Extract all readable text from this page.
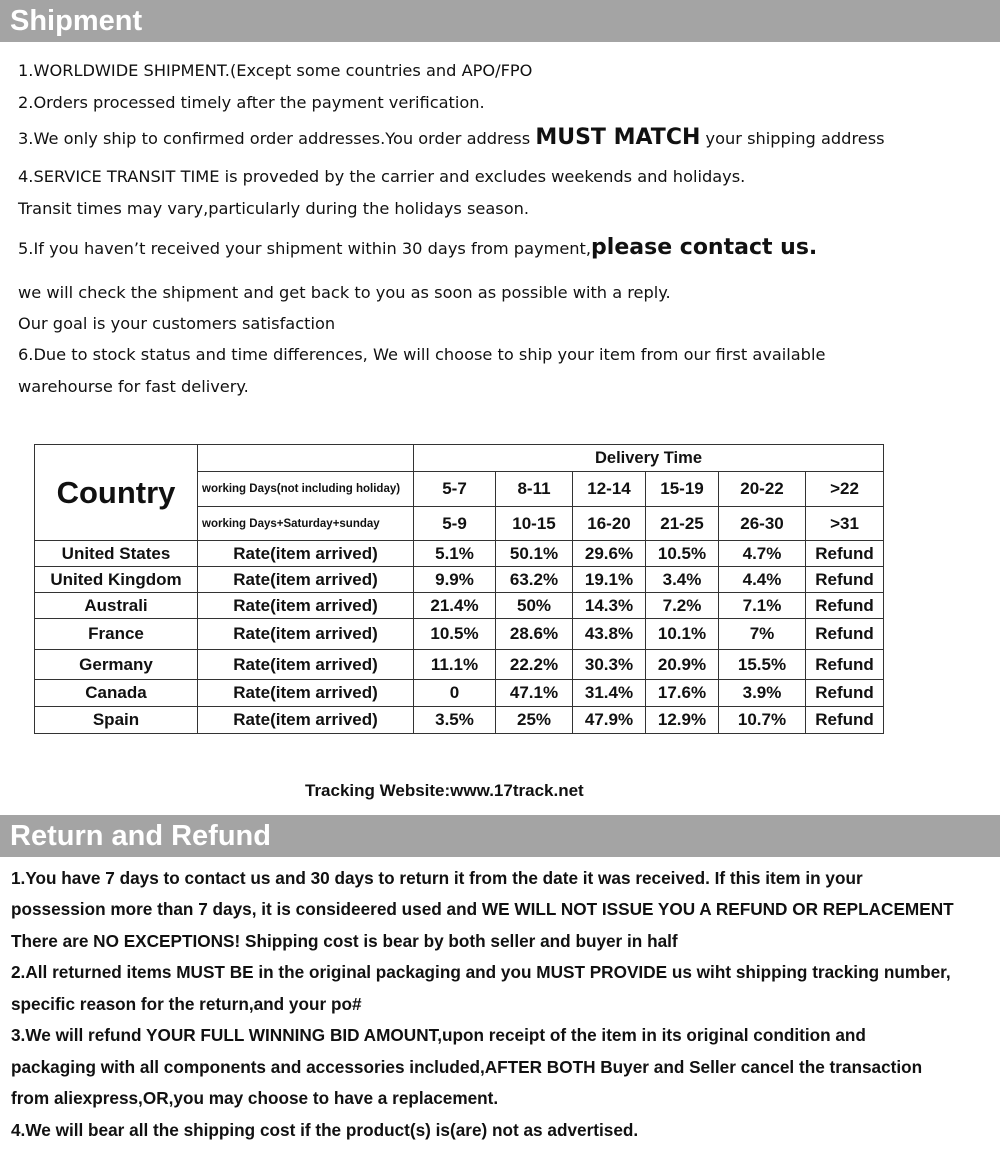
Shipment
1.WORLDWIDE SHIPMENT.(Except some countries and APO/FPO
2.Orders processed timely after the payment verification.
3.We only ship to confirmed order addresses.You order address MUST MATCH your shipping address
4.SERVICE TRANSIT TIME is proveded by the carrier and excludes weekends and holidays.
Transit times may vary,particularly during the holidays season.
5.If you haven’t received your shipment within 30 days from payment,please contact us.
we will check the shipment and get back to you as soon as possible with a reply.
Our goal is your customers satisfaction
6.Due to stock status and time differences, We will choose to ship your item from our first available
warehourse for fast delivery.
Country		Delivery Time					
	working Days(not including holiday)	5-7	8-11	12-14	15-19	20-22	>22
	working Days+Saturday+sunday	5-9	10-15	16-20	21-25	26-30	>31
United States	Rate(item arrived)	5.1%	50.1%	29.6%	10.5%	4.7%	Refund
United Kingdom	Rate(item arrived)	9.9%	63.2%	19.1%	3.4%	4.4%	Refund
Australi	Rate(item arrived)	21.4%	50%	14.3%	7.2%	7.1%	Refund
France	Rate(item arrived)	10.5%	28.6%	43.8%	10.1%	7%	Refund
Germany	Rate(item arrived)	11.1%	22.2%	30.3%	20.9%	15.5%	Refund
Canada	Rate(item arrived)	0	47.1%	31.4%	17.6%	3.9%	Refund
Spain	Rate(item arrived)	3.5%	25%	47.9%	12.9%	10.7%	Refund
Tracking Website:www.17track.net
Return and Refund
1.You have 7 days to contact us and 30 days to return it from the date it was received. If this item in your
possession more than 7 days, it is consideered used and WE WILL NOT ISSUE YOU A REFUND OR REPLACEMENT
There are NO EXCEPTIONS! Shipping cost is bear by both seller and buyer in half
2.All returned items MUST BE in the original packaging and you MUST PROVIDE us wiht shipping tracking number,
specific reason for the return,and your po#
3.We will refund YOUR FULL WINNING BID AMOUNT,upon receipt of the item in its original condition and
packaging with all components and accessories included,AFTER BOTH Buyer and Seller cancel the transaction
from aliexpress,OR,you may choose to have a replacement.
4.We will bear all the shipping cost if the product(s) is(are) not as advertised.
